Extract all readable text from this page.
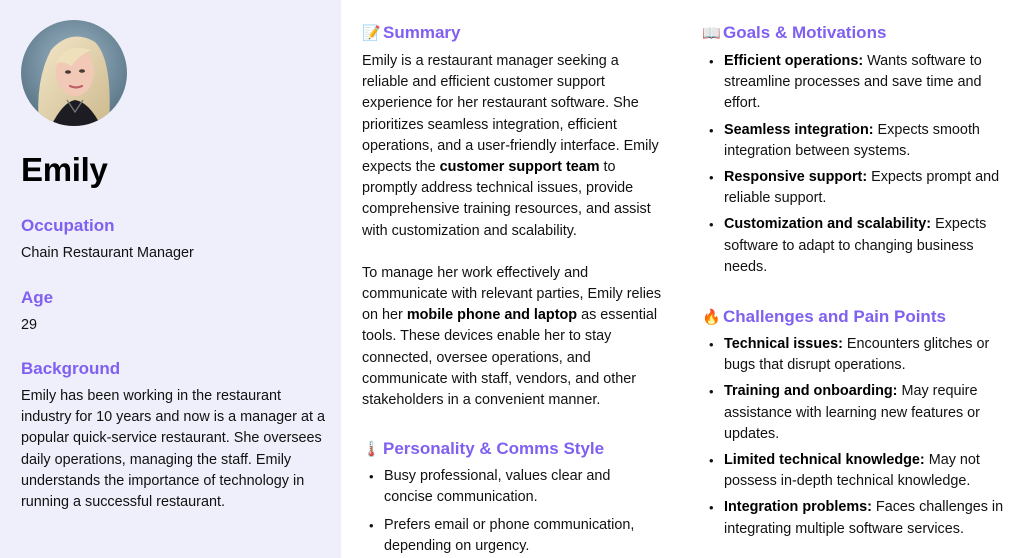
Emily
Occupation
Chain Restaurant Manager
Age
29
Background
Emily has been working in the restaurant industry for 10 years and now is a manager at a popular quick-service restaurant. She oversees daily operations, managing the staff. Emily understands the importance of technology in running a successful restaurant.
📝 Summary

Emily is a restaurant manager seeking a reliable and efficient customer support experience for her restaurant software. She prioritizes seamless integration, efficient operations, and a user-friendly interface. Emily expects the customer support team to promptly address technical issues, provide comprehensive training resources, and assist with customization and scalability.

To manage her work effectively and communicate with relevant parties, Emily relies on her mobile phone and laptop as essential tools. These devices enable her to stay connected, oversee operations, and communicate with staff, vendors, and other stakeholders in a convenient manner.

🌡️ Personality & Comms Style
• Busy professional, values clear and concise communication.
• Prefers email or phone communication, depending on urgency.
📖 Goals & Motivations
• Efficient operations: Wants software to streamline processes and save time and effort.
• Seamless integration: Expects smooth integration between systems.
• Responsive support: Expects prompt and reliable support.
• Customization and scalability: Expects software to adapt to changing business needs.
🔥 Challenges and Pain Points
• Technical issues: Encounters glitches or bugs that disrupt operations.
• Training and onboarding: May require assistance with learning new features or updates.
• Limited technical knowledge: May not possess in-depth technical knowledge.
• Integration problems: Faces challenges in integrating multiple software services.
